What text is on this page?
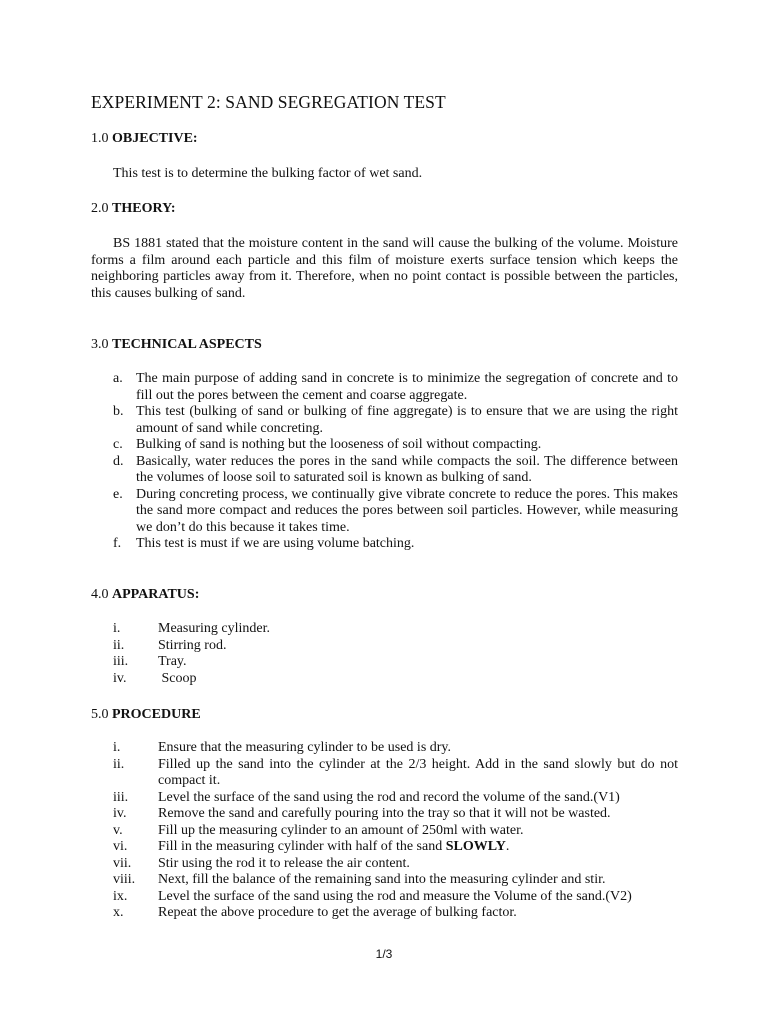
EXPERIMENT 2: SAND SEGREGATION TEST

1.0 OBJECTIVE:

This test is to determine the bulking factor of wet sand.

2.0 THEORY:

BS 1881 stated that the moisture content in the sand will cause the bulking of the volume. Moisture forms a film around each particle and this film of moisture exerts surface tension which keeps the neighboring particles away from it. Therefore, when no point contact is possible between the particles, this causes bulking of sand.

3.0 TECHNICAL ASPECTS

a. The main purpose of adding sand in concrete is to minimize the segregation of concrete and to fill out the pores between the cement and coarse aggregate.
b. This test (bulking of sand or bulking of fine aggregate) is to ensure that we are using the right amount of sand while concreting.
c. Bulking of sand is nothing but the looseness of soil without compacting.
d. Basically, water reduces the pores in the sand while compacts the soil. The difference between the volumes of loose soil to saturated soil is known as bulking of sand.
e. During concreting process, we continually give vibrate concrete to reduce the pores. This makes the sand more compact and reduces the pores between soil particles. However, while measuring we don’t do this because it takes time.
f. This test is must if we are using volume batching.

4.0 APPARATUS:

i.	Measuring cylinder.
ii. Stirring rod.
iii. Tray.
iv. Scoop

5.0 PROCEDURE

i.	Ensure that the measuring cylinder to be used is dry.
ii. Filled up the sand into the cylinder at the 2/3 height. Add in the sand slowly but do not compact it.
iii. Level the surface of the sand using the rod and record the volume of the sand.(V1)
iv. Remove the sand and carefully pouring into the tray so that it will not be wasted.
v.	Fill up the measuring cylinder to an amount of 250ml with water.
vi. Fill in the measuring cylinder with half of the sand SLOWLY.
vii. Stir using the rod it to release the air content.
viii. Next, fill the balance of the remaining sand into the measuring cylinder and stir.
ix. Level the surface of the sand using the rod and measure the Volume of the sand.(V2)
x. Repeat the above procedure to get the average of bulking factor.
1/3
